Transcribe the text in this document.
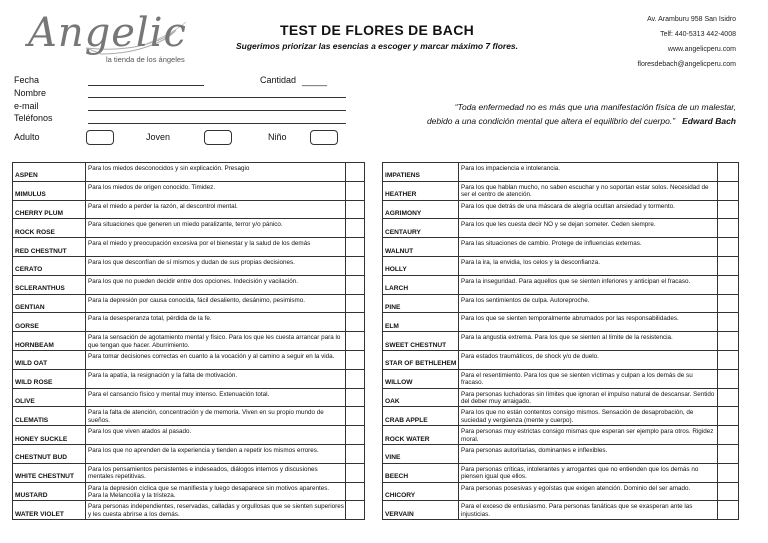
Angelic
la tienda de los ángeles
TEST DE FLORES DE BACH
Sugerimos priorizar las esencias a escoger y marcar máximo 7 flores.
Av. Aramburu 958 San Isidro
Telf: 440-5313 442-4008
www.angelicperu.com
floresdebach@angelicperu.com
Fecha	Cantidad _____
Nombre
e-mail
Teléfonos
Adulto	Joven	Niño
“Toda enfermedad no es más que una manifestación física de un malestar,
debido a una condición mental que altera el equilibrio del cuerpo.” Edward Bach
ASPEN	Para los miedos desconocidos y sin explicación. Presagio	
MIMULUS	Para los miedos de origen conocido. Timidez.	
CHERRY PLUM	Para el miedo a perder la razón, al descontrol mental.	
ROCK ROSE	Para situaciones que generen un miedo paralizante, terror y/o pánico.	
RED CHESTNUT	Para el miedo y preocupación excesiva por el bienestar y la salud de los demás	
CERATO	Para los que desconfían de sí mismos y dudan de sus propias decisiones.	
SCLERANTHUS	Para los que no pueden decidir entre dos opciones. Indecisión y vacilación.	
GENTIAN	Para la depresión por causa conocida, fácil desaliento, desánimo, pesimismo.	
GORSE	Para la desesperanza total, pérdida de la fe.	
HORNBEAM	Para la sensación de agotamiento mental y físico. Para los que les cuesta arrancar para lo que tengan que hacer. Aburrimiento.	
WILD OAT	Para tomar decisiones correctas en cuanto a la vocación y al camino a seguir en la vida.	
WILD ROSE	Para la apatía, la resignación y la falta de motivación.	
OLIVE	Para el cansancio físico y mental muy intenso. Extenuación total.	
CLEMATIS	Para la falta de atención, concentración y de memoria. Viven en su propio mundo de sueños.	
HONEY SUCKLE	Para los que viven atados al pasado.	
CHESTNUT BUD	Para los que no aprenden de la experiencia y tienden a repetir los mismos errores.	
WHITE CHESTNUT	Para los pensamientos persistentes e indeseados, diálogos internos y discusiones mentales repetitivas.	
MUSTARD	Para la depresión cíclica que se manifiesta y luego desaparece sin motivos aparentes. Para la Melancolía y la tristeza.	
WATER VIOLET	Para personas independientes, reservadas, calladas y orgullosas que se sienten superiores y les cuesta abrirse a los demás.	
IMPATIENS	Para los impaciencia e intolerancia.	
HEATHER	Para los que hablan mucho, no saben escuchar y no soportan estar solos. Necesidad de ser el centro de atención.	
AGRIMONY	Para los que detrás de una máscara de alegría ocultan ansiedad y tormento.	
CENTAURY	Para los que les cuesta decir NO y se dejan someter. Ceden siempre.	
WALNUT	Para las situaciones de cambio. Protege de influencias externas.	
HOLLY	Para la ira, la envidia, los celos y la desconfianza.	
LARCH	Para la inseguridad. Para aquellos que se sienten inferiores y anticipan el fracaso.	
PINE	Para los sentimientos de culpa. Autoreproche.	
ELM	Para los que se sienten temporalmente abrumados por las responsabilidades.	
SWEET CHESTNUT	Para la angustia extrema. Para los que se sienten al límite de la resistencia.	
STAR OF BETHLEHEM	Para estados traumáticos, de shock y/o de duelo.	
WILLOW	Para el resentimiento. Para los que se sienten víctimas y culpan a los demás de su fracaso.	
OAK	Para personas luchadoras sin límites que ignoran el impulso natural de descansar. Sentido del deber muy arraigado.	
CRAB APPLE	Para los que no están contentos consigo mismos. Sensación de desaprobación, de suciedad y vergüenza (mente y cuerpo).	
ROCK WATER	Para personas muy estrictas consigo mismas que esperan ser ejemplo para otros. Rigidez moral.	
VINE	Para personas autoritarias, dominantes e inflexibles.	
BEECH	Para personas críticas, intolerantes y arrogantes que no entienden que los demás no piensen igual que ellos.	
CHICORY	Para personas posesivas y egoístas que exigen atención. Dominio del ser amado.	
VERVAIN	Para el exceso de entusiasmo. Para personas fanáticas que se exasperan ante las injusticias.	
